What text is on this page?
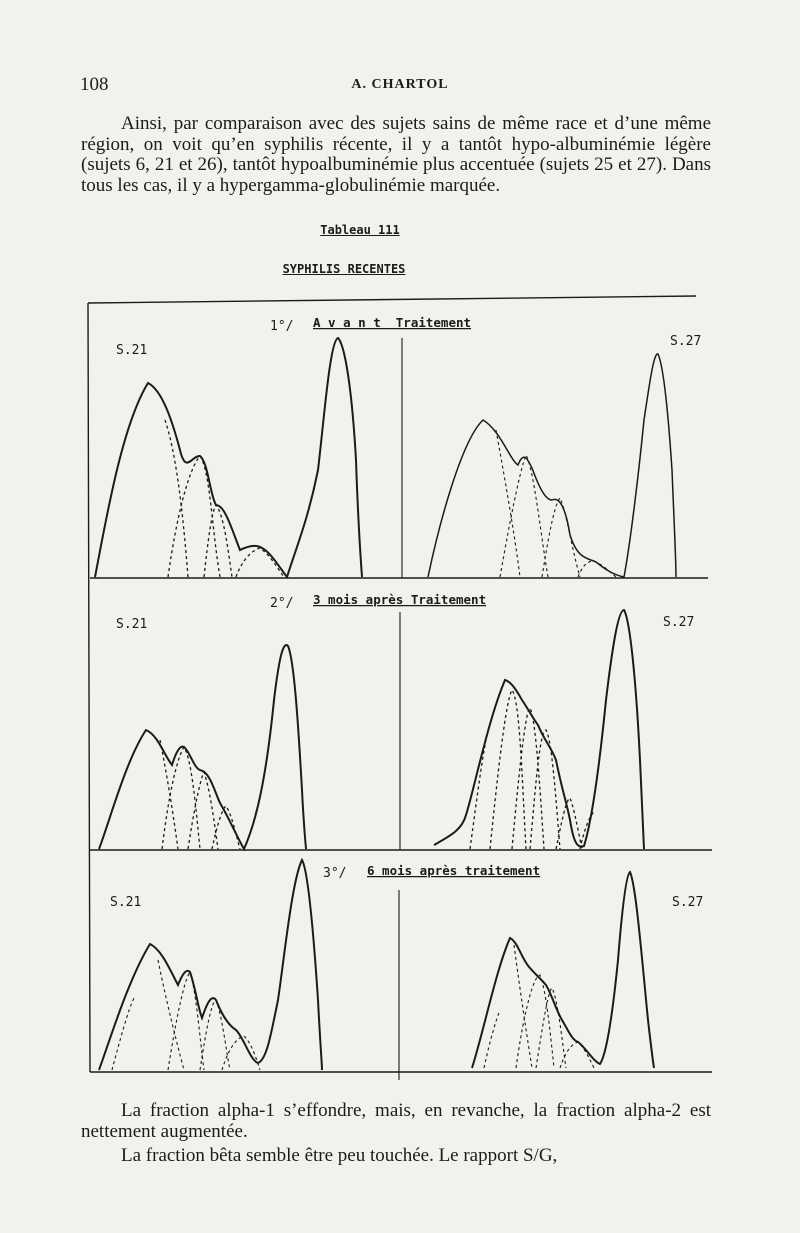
108	A. CHARTOL
Ainsi, par comparaison avec des sujets sains de même race et d’une même région, on voit qu’en syphilis récente, il y a tantôt hypo-albuminémie légère (sujets 6, 21 et 26), tantôt hypoalbuminémie plus accentuée (sujets 25 et 27). Dans tous les cas, il y a hypergamma-globulinémie marquée.
Tableau 111
SYPHILIS RECENTES
1°/ A v a n t  Traitement
S.21
S.27
2°/ 3 mois après Traitement
S.21	S.27
3°/ 6 mois après traitement
S.21	S.27
La fraction alpha-1 s’effondre, mais, en revanche, la fraction alpha-2 est nettement augmentée.
La fraction bêta semble être peu touchée. Le rapport S/G,
